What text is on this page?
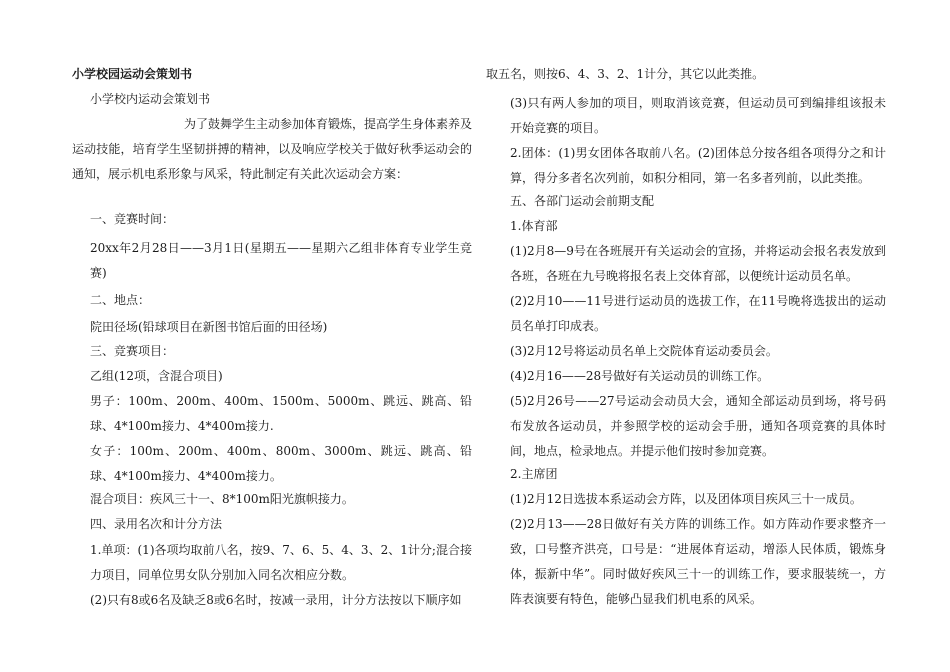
小学校园运动会策划书

小学校内运动会策划书

为了鼓舞学生主动参加体育锻炼，提高学生身体素养及

运动技能，培育学生坚韧拼搏的精神，以及响应学校关于做好秋季运动会的通知，展示机电系形象与风采，特此制定有关此次运动会方案：

一、竞赛时间：

20xx年2月28日——3月1日(星期五——星期六乙组非体育专业学生竞赛)

二、地点：

院田径场(铅球项目在新图书馆后面的田径场)

三、竞赛项目：

乙组(12项，含混合项目)

男子：100m、200m、400m、1500m、5000m、跳远、跳高、铅球、4*100m接力、4*400m接力.

女子：100m、200m、400m、800m、3000m、跳远、跳高、铅球、4*100m接力、4*400m接力。

混合项目：疾风三十一、8*100m阳光旗帜接力。

四、录用名次和计分方法

1.单项：(1)各项均取前八名，按9、7、6、5、4、3、2、1计分;混合接力项目，同单位男女队分别加入同名次相应分数。

(2)只有8或6名及缺乏8或6名时，按减一录用，计分方法按以下顺序如

取五名，则按6、4、3、2、1计分，其它以此类推。

(3)只有两人参加的项目，则取消该竞赛，但运动员可到编排组该报未开始竞赛的项目。

2.团体：(1)男女团体各取前八名。(2)团体总分按各组各项得分之和计算，得分多者名次列前，如积分相同，第一名多者列前，以此类推。

五、各部门运动会前期支配

1.体育部

(1)2月8—9号在各班展开有关运动会的宣扬，并将运动会报名表发放到各班，各班在九号晚将报名表上交体育部，以便统计运动员名单。

(2)2月10——11号进行运动员的选拔工作，在11号晚将选拔出的运动员名单打印成表。

(3)2月12号将运动员名单上交院体育运动委员会。

(4)2月16——28号做好有关运动员的训练工作。

(5)2月26号——27号运动会动员大会，通知全部运动员到场，将号码布发放各运动员，并参照学校的运动会手册，通知各项竞赛的具体时间，地点，检录地点。并提示他们按时参加竞赛。

2.主席团

(1)2月12日选拔本系运动会方阵，以及团体项目疾风三十一成员。

(2)2月13——28日做好有关方阵的训练工作。如方阵动作要求整齐一致，口号整齐洪亮，口号是：“进展体育运动，增添人民体质，锻炼身体，振新中华”。同时做好疾风三十一的训练工作，要求服装统一，方阵表演要有特色，能够凸显我们机电系的风采。
